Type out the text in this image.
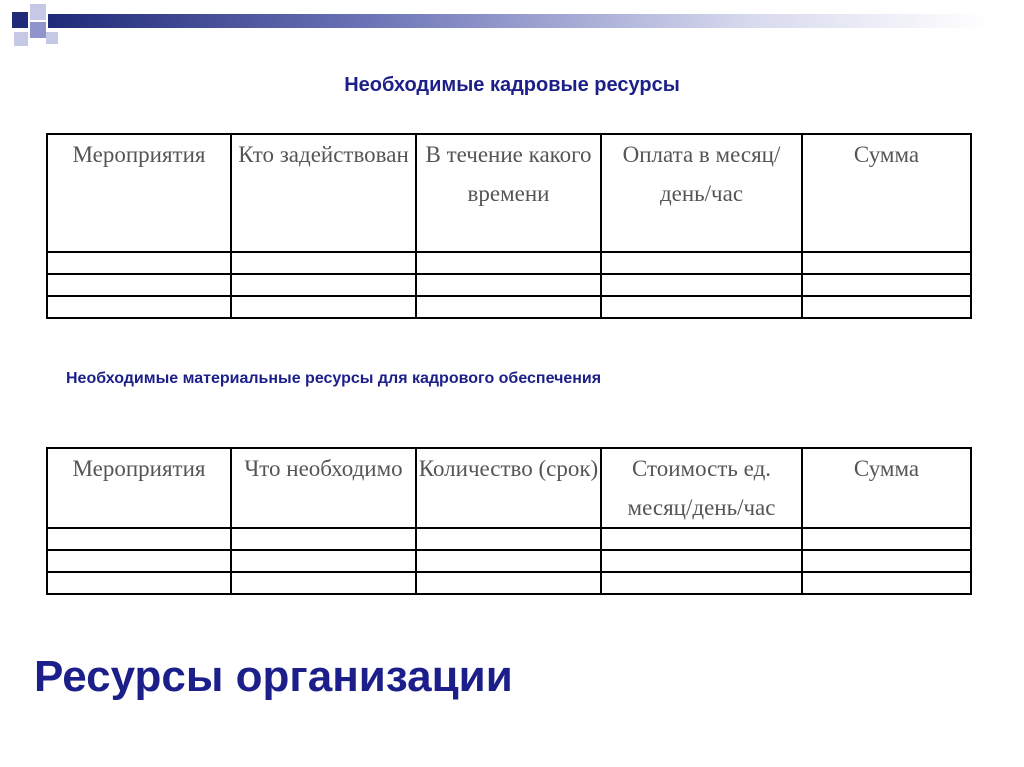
Необходимые кадровые ресурсы
Мероприятия	Кто задействован	В течение какого времени	Оплата в месяц/день/час	Сумма

Необходимые материальные ресурсы для кадрового обеспечения
Мероприятия	Что необходимо	Количество (срок)	Стоимость ед. месяц/день/час	Сумма

Ресурсы организации
